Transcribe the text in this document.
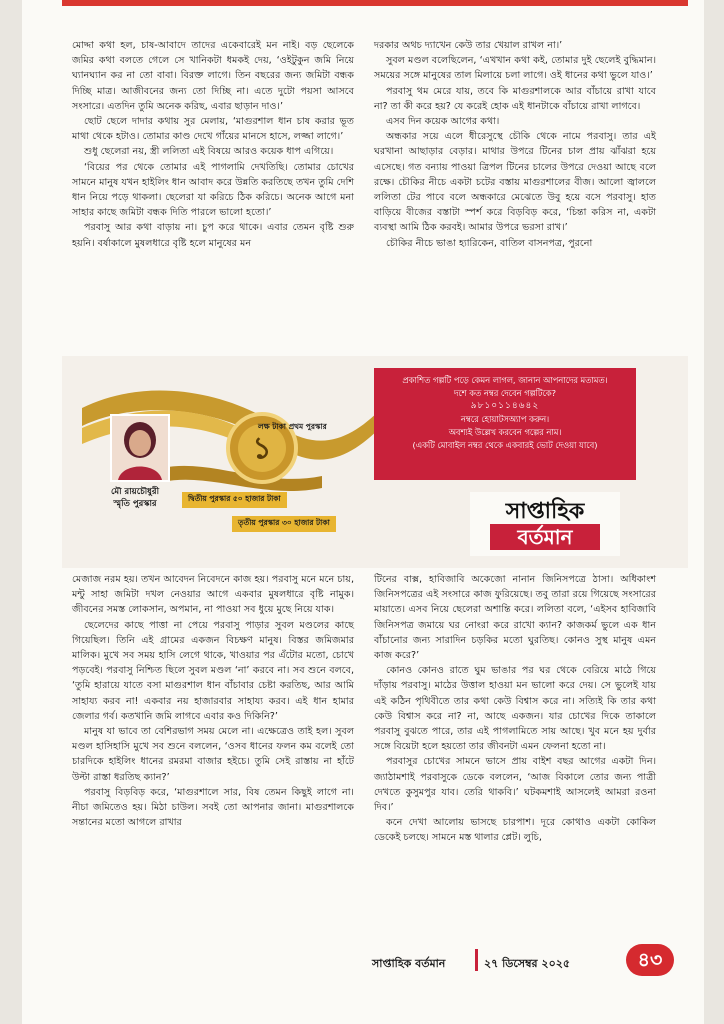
মোদ্দা কথা হল, চাষ-আবাদে তাদের একেবারেই মন নাই। বড় ছেলেকে জমির কথা বলতে গেলে সে খানিকটা ধমকই দেয়, ‘ওইটুকুন জমি নিয়ে ঘ্যানঘ্যান কর না তো বাবা। বিরক্ত লাগে। তিন বছরের জন্য জমিটা বন্ধক দিচ্ছি মাত্র। আজীবনের জন্য তো দিচ্ছি না। এতে দুটো পয়সা আসবে সংসারে। এতদিন তুমি অনেক করিছ, এবার ছাড়ান দাও।’

ছোট ছেলে দাদার কথায় সুর মেলায়, ‘মাগুরশাল ধান চাষ করার ভূত মাথা থেকে হটাও। তোমার কাণ্ড দেখে গাঁয়ের মানসে হাসে, লজ্জা লাগে।’

শুধু ছেলেরা নয়, স্ত্রী ললিতা এই বিষয়ে আরও কয়েক ধাপ এগিয়ে।

‘বিয়ের পর থেকে তোমার এই পাগলামি দেখতিছি। তোমার চোখের সামনে মানুষ যখন হাইলিং ধান আবাদ করে উন্নতি করতিছে তখন তুমি দেশি ধান নিয়ে পড়ে থাকলা। ছেলেরা যা করিচে ঠিক করিচে। অনেক আগে মনা সাহার কাছে জমিটা বন্ধক দিতি পারলে ভালো হতো।’

পরবাসু আর কথা বাড়ায় না। চুপ করে থাকে। এবার তেমন বৃষ্টি শুরু হয়নি। বর্ষাকালে মুষলধারে বৃষ্টি হলে মানুষের মন

দরকার অথচ দ্যাখেন কেউ তার খেয়াল রাখল না।’

সুবল মণ্ডল বলেছিলেন, ‘এখখান কথা কই, তোমার দুই ছেলেই বুদ্ধিমান। সময়ের সঙ্গে মানুষের তাল মিলায়ে চলা লাগে। ওই ধানের কথা ভুলে যাও।’

পরবাসু থম মেরে যায়, তবে কি মাগুরশালকে আর বাঁচায়ে রাখা যাবে না? তা কী করে হয়? যে করেই হোক এই ধানটাকে বাঁচায়ে রাখা লাগবে।

এসব দিন কয়েক আগের কথা।

অন্ধকার সয়ে এলে ধীরেসুস্থে চৌকি থেকে নামে পরবাসু। তার এই ঘরখানা আছাড়ার বেড়ার। মাথার উপরে টিনের চাল প্রায় ঝাঁঝরা হয়ে এসেছে। গত বন্যায় পাওয়া ত্রিপল টিনের চালের উপরে দেওয়া আছে বলে রক্ষে। চৌকির নীচে একটা চটের বস্তায় মাগুরশালের বীজ। আলো জ্বাললে ললিতা টের পাবে বলে অন্ধকারে মেঝেতে উবু হয়ে বসে পরবাসু। হাত বাড়িয়ে বীজের বস্তাটা স্পর্শ করে বিড়বিড় করে, ‘চিন্তা করিস না, একটা ব্যবস্থা আমি ঠিক করবই। আমার উপরে ভরসা রাখ।’

চৌকির নীচে ভাঙা হ্যারিকেন, বাতিল বাসনপত্র, পুরনো

১
মৌ রায়চৌধুরী
স্মৃতি পুরস্কার
লক্ষ টাকা প্রথম পুরস্কার
দ্বিতীয় পুরস্কার ৫০ হাজার টাকা
তৃতীয় পুরস্কার ৩০ হাজার টাকা
প্রকাশিত গল্পটি পড়ে কেমন লাগল, জানান আপনাদের মতামত।
দশে কত নম্বর দেবেন গল্পটিকে?
৯৮১০১১৪৬৪২
নম্বরে হোয়াটসঅ্যাপ করুন।
অবশ্যই উল্লেখ করবেন গল্পের নাম।
(একটি মোবাইল নম্বর থেকে একবারই ভোট দেওয়া যাবে)
সাপ্তাহিক
বর্তমান

মেজাজ নরম হয়। তখন আবেদন নিবেদনে কাজ হয়। পরবাসু মনে মনে চায়, মন্টু সাহা জমিটা দখল নেওয়ার আগে একবার মুষলধারে বৃষ্টি নামুক। জীবনের সমস্ত লোকসান, অপমান, না পাওয়া সব ধুয়ে মুছে নিয়ে যাক।

ছেলেদের কাছে পাত্তা না পেয়ে পরবাসু পাড়ার সুবল মণ্ডলের কাছে গিয়েছিল। তিনি এই গ্রামের একজন বিচক্ষণ মানুষ। বিস্তর জমিজমার মালিক। মুখে সব সময় হাসি লেগে থাকে, খাওয়ার পর এঁটোর মতো, চোখে পড়বেই। পরবাসু নিশ্চিত ছিলে সুবল মণ্ডল ‘না’ করবে না। সব শুনে বলবে, ‘তুমি হারায়ে যাতে বসা মাগুরশাল ধান বাঁচাবার চেষ্টা করতিছ, আর আমি সাহায্য করব না! একবার নয় হাজারবার সাহায্য করব। এই ধান হামার জেলার গর্ব। কতখানি জমি লাগবে এবার কও দিকিনি?’

মানুষ যা ভাবে তা বেশিরভাগ সময় মেলে না। এক্ষেত্রেও তাই হল। সুবল মণ্ডল হাসিহাসি মুখে সব শুনে বললেন, ‘ওসব ধানের ফলন কম বলেই তো চারদিকে হাইলিং ধানের রমরমা বাজার হইচে। তুমি সেই রাস্তায় না হাঁটে উল্টা রাস্তা ধরতিছ ক্যান?’

পরবাসু বিড়বিড় করে, ‘মাগুরশালে সার, বিষ তেমন কিছুই লাগে না। নীচা জমিতেও হয়। মিঠা চাউল। সবই তো আপনার জানা। মাগুরশালকে সন্তানের মতো আগলে রাখার

টিনের বাক্স, হাবিজাবি অকেজো নানান জিনিসপত্রে ঠাসা। অধিকাংশ জিনিসপত্রের এই সংসারে কাজ ফুরিয়েছে। তবু তারা রয়ে গিয়েছে সংসারের মায়াতে। এসব নিয়ে ছেলেরা অশান্তি করে। ললিতা বলে, ‘এইসব হাবিজাবি জিনিসপত্র জমায়ে ঘর নোংরা করে রাখো ক্যান? কাজকর্ম ভুলে এক ধান বাঁচানোর জন্য সারাদিন চড়কির মতো ঘুরতিছ। কোনও সুস্থ মানুষ এমন কাজ করে?’

কোনও কোনও রাতে ঘুম ভাঙার পর ঘর থেকে বেরিয়ে মাঠে গিয়ে দাঁড়ায় পরবাসু। মাঠের উত্তাল হাওয়া মন ভালো করে দেয়। সে ভুলেই যায় এই কঠিন পৃথিবীতে তার কথা কেউ বিশ্বাস করে না। সত্যিই কি তার কথা কেউ বিশ্বাস করে না? না, আছে একজন। যার চোখের দিকে তাকালে পরবাসু বুঝতে পারে, তার এই পাগলামিতে সায় আছে। খুব মনে হয় দুর্বার সঙ্গে বিয়েটা হলে হয়তো তার জীবনটা এমন ফেলনা হতো না।

পরবাসুর চোখের সামনে ভাসে প্রায় বাইশ বছর আগের একটা দিন। জ্যাঠামশাই পরবাসুকে ডেকে বললেন, ‘আজ বিকালে তোর জন্য পাত্রী দেখতে কুসুমপুর যাব। তেরি থাকবি।’ ঘটকমশাই আসলেই আমরা রওনা দিব।’

কনে দেখা আলোয় ভাসছে চারপাশ। দূরে কোথাও একটা কোকিল ডেকেই চলছে। সামনে মস্ত থালার প্লেট। লুচি,

সাপ্তাহিক বর্তমান	২৭ ডিসেম্বর ২০২৫	৪৩
